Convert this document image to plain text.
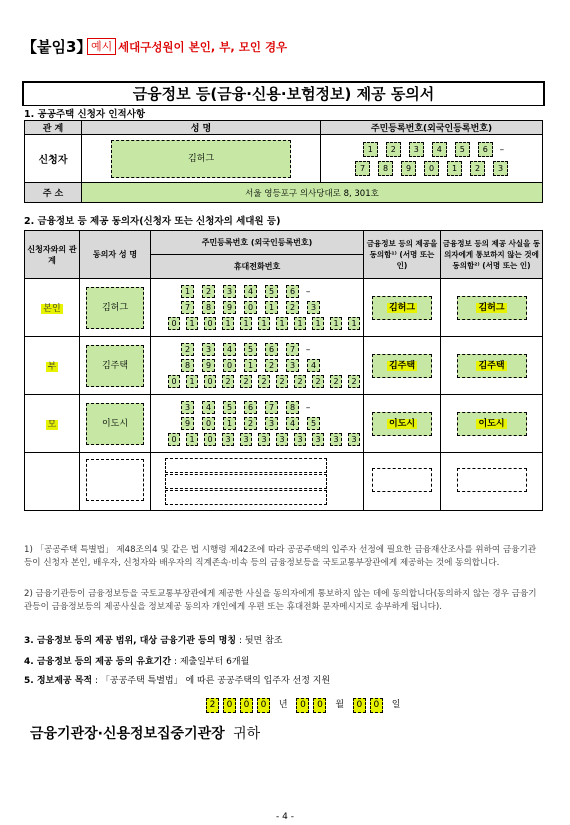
【붙임3】 예시 세대구성원이 본인, 부, 모인 경우
금융정보 등(금융·신용·보험정보) 제공 동의서
1. 공공주택 신청자 인적사항
관 계	성 명	주민등록번호(외국인등록번호)
신청자	김허그	1 2 3 4 5 6 –
7 8 9 0 1 2 3

주 소	서울 영등포구 의사당대로 8, 301호	
2. 금융정보 등 제공 동의자(신청자 또는 신청자의 세대원 등)
신청자와의 관 계	동의자 성 명	주민등록번호 (외국인등록번호)	금융정보 등의 제공을 동의함¹⁾ (서명 또는 인)	금융정보 등의 제공 사실을 동의자에게 통보하지 않는 것에 동의함²⁾ (서명 또는 인)
		휴대전화번호		
본인	김허그	1 2 3 4 5 6 –
7 8 9 0 1 2 3
0 1 0 1 1 1 1 1 1 1 1	김허그	김허그
부	김주택	2 3 4 5 6 7 –
8 9 0 1 2 3 4
0 1 0 2 2 2 2 2 2 2 2	김주택	김주택
모	이도시	3 4 5 6 7 8 –
9 0 1 2 3 4 5
0 1 0 3 3 3 3 3 3 3 3	이도시	이도시

1) 「공공주택 특별법」 제48조의4 및 같은 법 시행령 제42조에 따라 공공주택의 입주자 선정에 필요한 금융재산조사를 위하여 금융기관등이 신청자 본인, 배우자, 신청자와 배우자의 직계존속·비속 등의 금융정보등을 국토교통부장관에게 제공하는 것에 동의합니다.
2) 금융기관등이 금융정보등을 국토교통부장관에게 제공한 사실을 동의자에게 통보하지 않는 데에 동의합니다(동의하지 않는 경우 금융기관등이 금융정보등의 제공사실을 정보제공 동의자 개인에게 우편 또는 휴대전화 문자메시지로 송부하게 됩니다).
3. 금융정보 등의 제공 범위, 대상 금융기관 등의 명칭 : 뒷면 참조
4. 금융정보 등의 제공 등의 유효기간 : 제출일부터 6개월
5. 정보제공 목적 : 「공공주택 특별법」 에 따른 공공주택의 입주자 선정 지원
2 0 0 0 년 0 0 월 0 0 일
금융기관장·신용정보집중기관장 귀하
- 4 -
